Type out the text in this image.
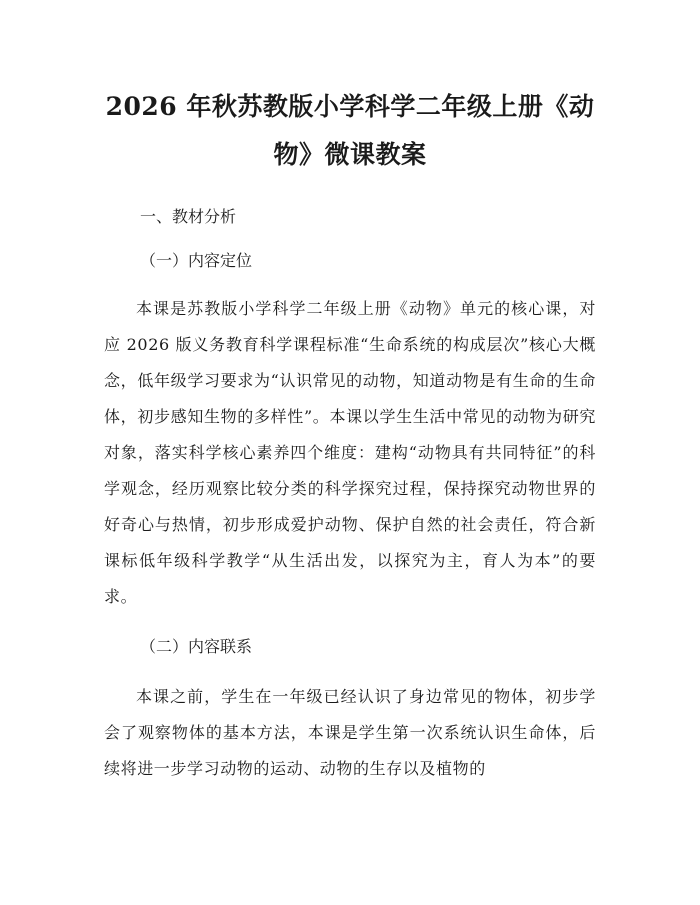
2026 年秋苏教版小学科学二年级上册《动物》微课教案

一、教材分析

（一）内容定位

本课是苏教版小学科学二年级上册《动物》单元的核心课，对应 2026 版义务教育科学课程标准“生命系统的构成层次”核心大概念，低年级学习要求为“认识常见的动物，知道动物是有生命的生命体，初步感知生物的多样性”。本课以学生生活中常见的动物为研究对象，落实科学核心素养四个维度：建构“动物具有共同特征”的科学观念，经历观察比较分类的科学探究过程，保持探究动物世界的好奇心与热情，初步形成爱护动物、保护自然的社会责任，符合新课标低年级科学教学“从生活出发，以探究为主，育人为本”的要求。

（二）内容联系

本课之前，学生在一年级已经认识了身边常见的物体，初步学会了观察物体的基本方法，本课是学生第一次系统认识生命体，后续将进一步学习动物的运动、动物的生存以及植物的
